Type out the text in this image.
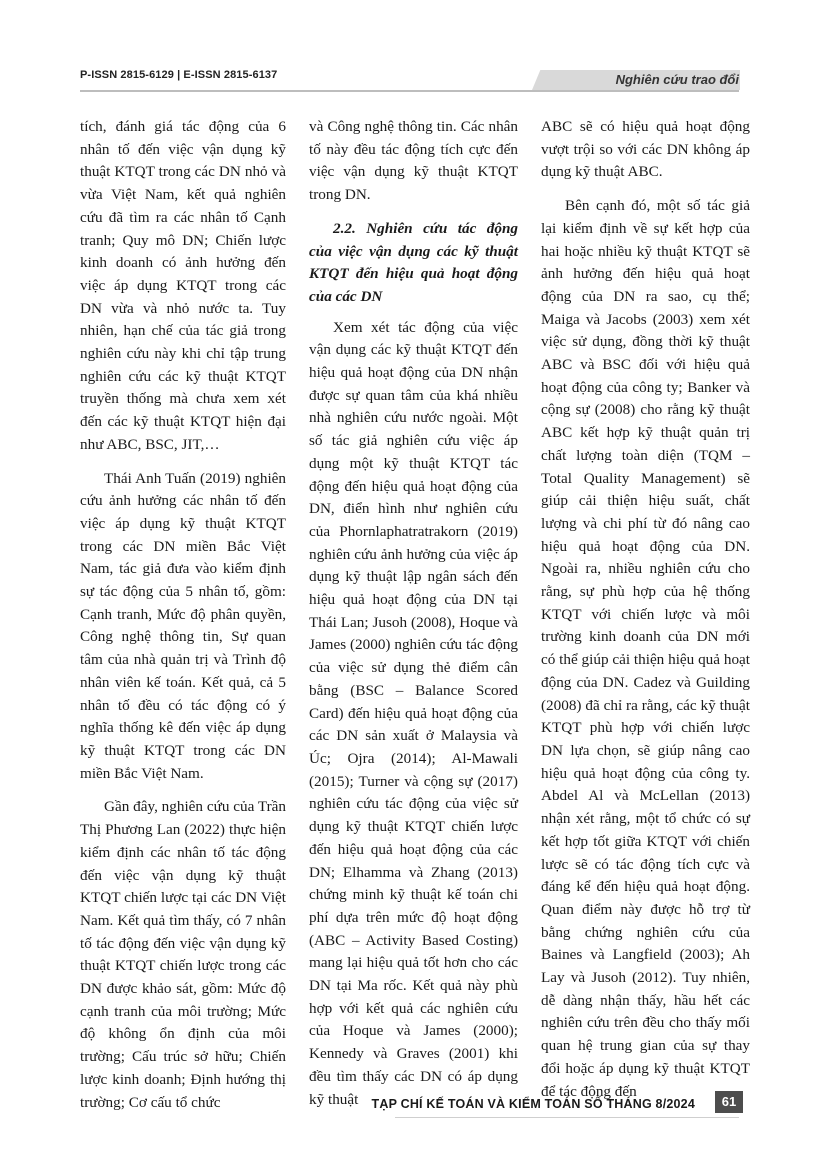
P-ISSN 2815-6129 | E-ISSN 2815-6137	Nghiên cứu trao đổi

tích, đánh giá tác động của 6 nhân tố đến việc vận dụng kỹ thuật KTQT trong các DN nhỏ và vừa Việt Nam, kết quả nghiên cứu đã tìm ra các nhân tố Cạnh tranh; Quy mô DN; Chiến lược kinh doanh có ảnh hưởng đến việc áp dụng KTQT trong các DN vừa và nhỏ nước ta. Tuy nhiên, hạn chế của tác giả trong nghiên cứu này khi chỉ tập trung nghiên cứu các kỹ thuật KTQT truyền thống mà chưa xem xét đến các kỹ thuật KTQT hiện đại như ABC, BSC, JIT,…

Thái Anh Tuấn (2019) nghiên cứu ảnh hưởng các nhân tố đến việc áp dụng kỹ thuật KTQT trong các DN miền Bắc Việt Nam, tác giả đưa vào kiểm định sự tác động của 5 nhân tố, gồm: Cạnh tranh, Mức độ phân quyền, Công nghệ thông tin, Sự quan tâm của nhà quản trị và Trình độ nhân viên kế toán. Kết quả, cả 5 nhân tố đều có tác động có ý nghĩa thống kê đến việc áp dụng kỹ thuật KTQT trong các DN miền Bắc Việt Nam.

Gần đây, nghiên cứu của Trần Thị Phương Lan (2022) thực hiện kiểm định các nhân tố tác động đến việc vận dụng kỹ thuật KTQT chiến lược tại các DN Việt Nam. Kết quả tìm thấy, có 7 nhân tố tác động đến việc vận dụng kỹ thuật KTQT chiến lược trong các DN được khảo sát, gồm: Mức độ cạnh tranh của môi trường; Mức độ không ổn định của môi trường; Cấu trúc sở hữu; Chiến lược kinh doanh; Định hướng thị trường; Cơ cấu tổ chức

và Công nghệ thông tin. Các nhân tố này đều tác động tích cực đến việc vận dụng kỹ thuật KTQT trong DN.

2.2. Nghiên cứu tác động của việc vận dụng các kỹ thuật KTQT đến hiệu quả hoạt động của các DN

Xem xét tác động của việc vận dụng các kỹ thuật KTQT đến hiệu quả hoạt động của DN nhận được sự quan tâm của khá nhiều nhà nghiên cứu nước ngoài. Một số tác giả nghiên cứu việc áp dụng một kỹ thuật KTQT tác động đến hiệu quả hoạt động của DN, điển hình như nghiên cứu của Phornlaphatratrakorn (2019) nghiên cứu ảnh hưởng của việc áp dụng kỹ thuật lập ngân sách đến hiệu quả hoạt động của DN tại Thái Lan; Jusoh (2008), Hoque và James (2000) nghiên cứu tác động của việc sử dụng thẻ điểm cân bằng (BSC – Balance Scored Card) đến hiệu quả hoạt động của các DN sản xuất ở Malaysia và Úc; Ojra (2014); Al-Mawali (2015); Turner và cộng sự (2017) nghiên cứu tác động của việc sử dụng kỹ thuật KTQT chiến lược đến hiệu quả hoạt động của các DN; Elhamma và Zhang (2013) chứng minh kỹ thuật kế toán chi phí dựa trên mức độ hoạt động (ABC – Activity Based Costing) mang lại hiệu quả tốt hơn cho các DN tại Ma rốc. Kết quả này phù hợp với kết quả các nghiên cứu của Hoque và James (2000); Kennedy và Graves (2001) khi đều tìm thấy các DN có áp dụng kỹ thuật

ABC sẽ có hiệu quả hoạt động vượt trội so với các DN không áp dụng kỹ thuật ABC.

Bên cạnh đó, một số tác giả lại kiểm định về sự kết hợp của hai hoặc nhiều kỹ thuật KTQT sẽ ảnh hưởng đến hiệu quả hoạt động của DN ra sao, cụ thể; Maiga và Jacobs (2003) xem xét việc sử dụng, đồng thời kỹ thuật ABC và BSC đối với hiệu quả hoạt động của công ty; Banker và cộng sự (2008) cho rằng kỹ thuật ABC kết hợp kỹ thuật quản trị chất lượng toàn diện (TQM – Total Quality Management) sẽ giúp cải thiện hiệu suất, chất lượng và chi phí từ đó nâng cao hiệu quả hoạt động của DN. Ngoài ra, nhiều nghiên cứu cho rằng, sự phù hợp của hệ thống KTQT với chiến lược và môi trường kinh doanh của DN mới có thể giúp cải thiện hiệu quả hoạt động của DN. Cadez và Guilding (2008) đã chỉ ra rằng, các kỹ thuật KTQT phù hợp với chiến lược DN lựa chọn, sẽ giúp nâng cao hiệu quả hoạt động của công ty. Abdel Al và McLellan (2013) nhận xét rằng, một tổ chức có sự kết hợp tốt giữa KTQT với chiến lược sẽ có tác động tích cực và đáng kể đến hiệu quả hoạt động. Quan điểm này được hỗ trợ từ bằng chứng nghiên cứu của Baines và Langfield (2003); Ah Lay và Jusoh (2012). Tuy nhiên, dễ dàng nhận thấy, hầu hết các nghiên cứu trên đều cho thấy mối quan hệ trung gian của sự thay đổi hoặc áp dụng kỹ thuật KTQT để tác động đến

TẠP CHÍ KẾ TOÁN VÀ KIỂM TOÁN SỐ THÁNG 8/2024	61
